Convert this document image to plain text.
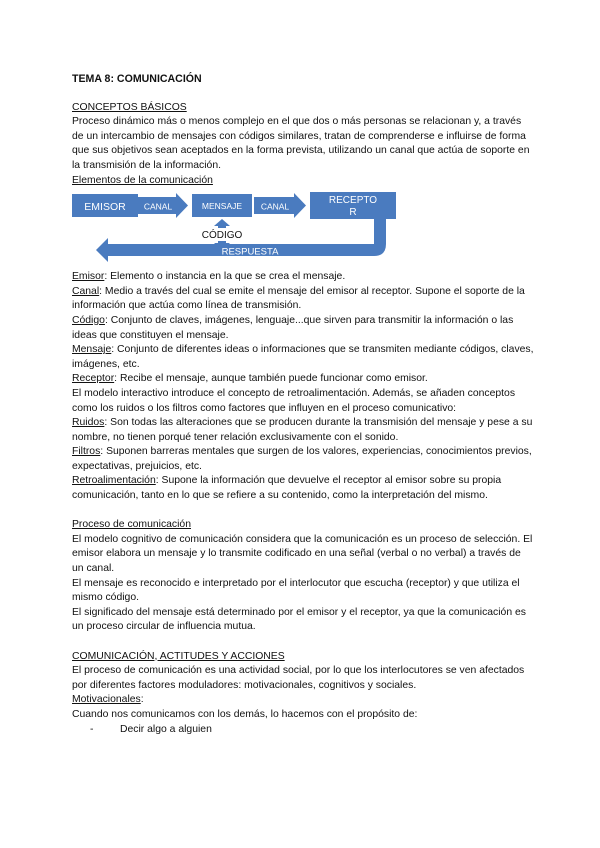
TEMA 8: COMUNICACIÓN

CONCEPTOS BÁSICOS

Proceso dinámico más o menos complejo en el que dos o más personas se relacionan y, a través de un intercambio de mensajes con códigos similares, tratan de comprenderse e influirse de forma que sus objetivos sean aceptados en la forma prevista, utilizando un canal que actúa de soporte en la transmisión de la información.

Elementos de la comunicación

EMISOR CANAL	MENSAJE CANAL
RECEPTO
R
CÓDIGO
RESPUESTA

Emisor: Elemento o instancia en la que se crea el mensaje.

Canal: Medio a través del cual se emite el mensaje del emisor al receptor. Supone el soporte de la información que actúa como línea de transmisión.

Código: Conjunto de claves, imágenes, lenguaje...que sirven para transmitir la información o las ideas que constituyen el mensaje.

Mensaje: Conjunto de diferentes ideas o informaciones que se transmiten mediante códigos, claves, imágenes, etc.

Receptor: Recibe el mensaje, aunque también puede funcionar como emisor.

El modelo interactivo introduce el concepto de retroalimentación. Además, se añaden conceptos como los ruidos o los filtros como factores que influyen en el proceso comunicativo:

Ruidos: Son todas las alteraciones que se producen durante la transmisión del mensaje y pese a su nombre, no tienen porqué tener relación exclusivamente con el sonido.

Filtros: Suponen barreras mentales que surgen de los valores, experiencias, conocimientos previos, expectativas, prejuicios, etc.

Retroalimentación: Supone la información que devuelve el receptor al emisor sobre su propia comunicación, tanto en lo que se refiere a su contenido, como la interpretación del mismo.

Proceso de comunicación

El modelo cognitivo de comunicación considera que la comunicación es un proceso de selección. El emisor elabora un mensaje y lo transmite codificado en una señal (verbal o no verbal) a través de un canal.

El mensaje es reconocido e interpretado por el interlocutor que escucha (receptor) y que utiliza el mismo código.

El significado del mensaje está determinado por el emisor y el receptor, ya que la comunicación es un proceso circular de influencia mutua.

COMUNICACIÓN, ACTITUDES Y ACCIONES

El proceso de comunicación es una actividad social, por lo que los interlocutores se ven afectados por diferentes factores moduladores: motivacionales, cognitivos y sociales.

Motivacionales:

Cuando nos comunicamos con los demás, lo hacemos con el propósito de:

-	Decir algo a alguien
